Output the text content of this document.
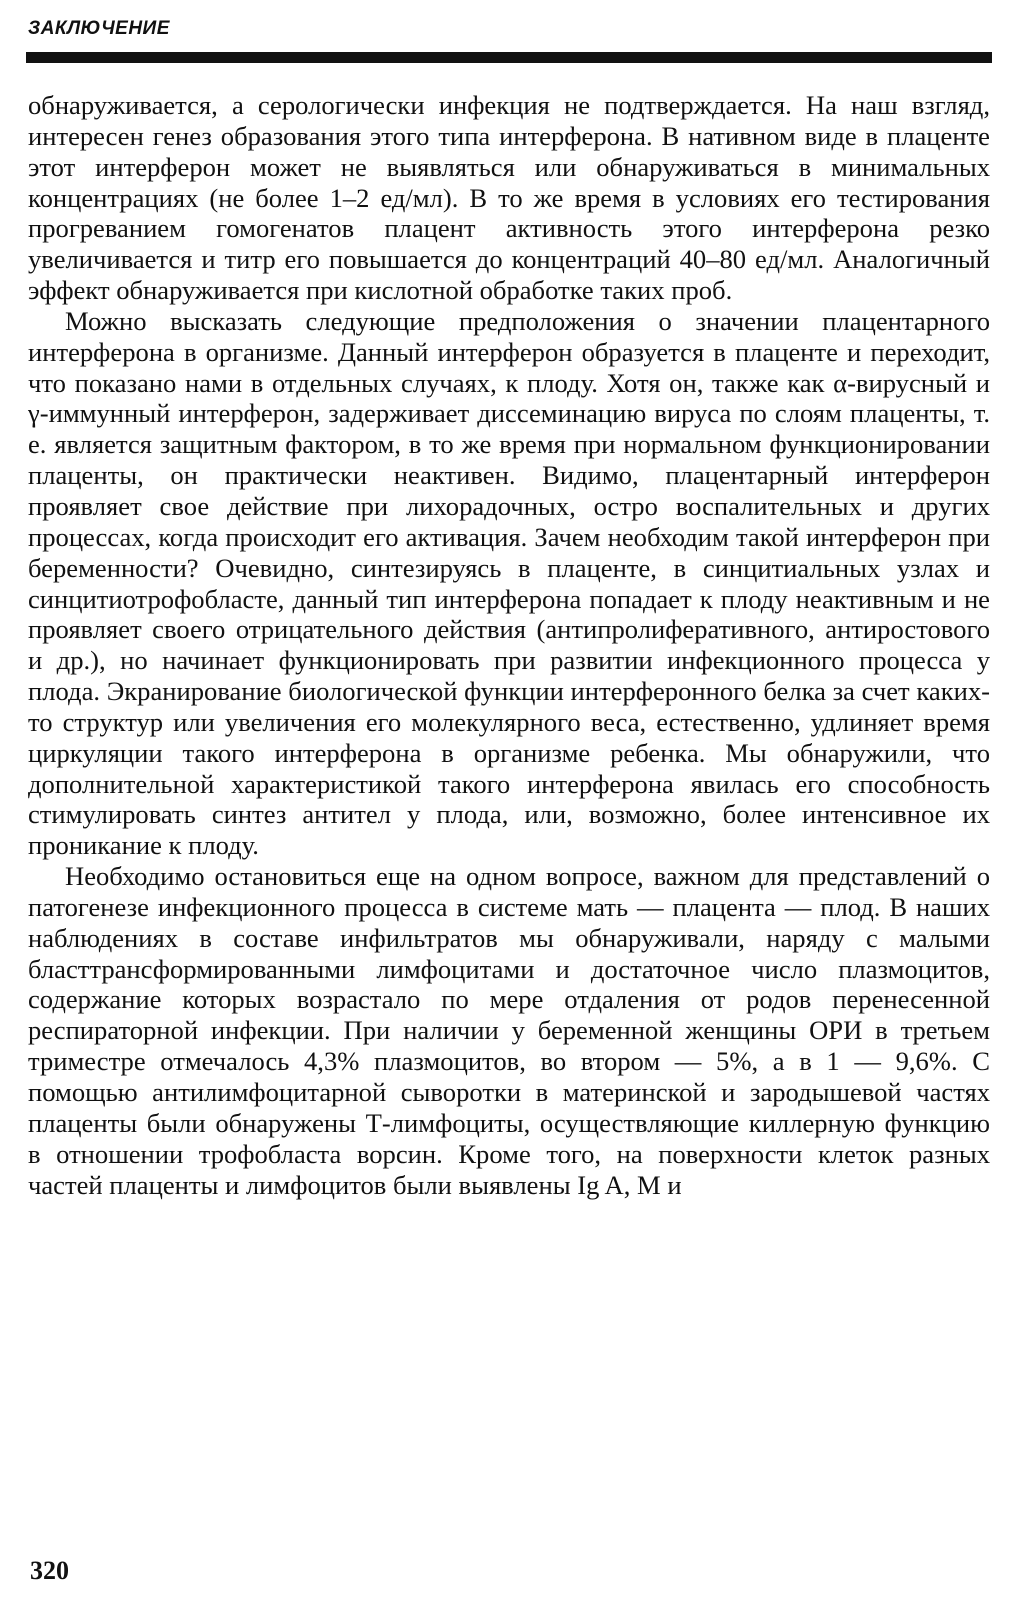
ЗАКЛЮЧЕНИЕ

обнаруживается, а серологически инфекция не подтверждается. На наш взгляд, интересен генез образования этого типа интерферона. В нативном виде в плаценте этот интерферон может не выявляться или обнаруживаться в минимальных концентрациях (не более 1–2 ед/мл). В то же время в условиях его тестирования прогреванием гомогенатов плацент активность этого интерферона резко увеличивается и титр его повышается до концентраций 40–80 ед/мл. Аналогичный эффект обнаруживается при кислотной обработке таких проб.

Можно высказать следующие предположения о значении плацентарного интерферона в организме. Данный интерферон образуется в плаценте и переходит, что показано нами в отдельных случаях, к плоду. Хотя он, также как α-вирусный и γ-иммунный интерферон, задерживает диссеминацию вируса по слоям плаценты, т. е. является защитным фактором, в то же время при нормальном функционировании плаценты, он практически неактивен. Видимо, плацентарный интерферон проявляет свое действие при лихорадочных, остро воспалительных и других процессах, когда происходит его активация. Зачем необходим такой интерферон при беременности? Очевидно, синтезируясь в плаценте, в синцитиальных узлах и синцитиотрофобласте, данный тип интерферона попадает к плоду неактивным и не проявляет своего отрицательного действия (антипролиферативного, антиростового и др.), но начинает функционировать при развитии инфекционного процесса у плода. Экранирование биологической функции интерферонного белка за счет каких-то структур или увеличения его молекулярного веса, естественно, удлиняет время циркуляции такого интерферона в организме ребенка. Мы обнаружили, что дополнительной характеристикой такого интерферона явилась его способность стимулировать синтез антител у плода, или, возможно, более интенсивное их проникание к плоду.

Необходимо остановиться еще на одном вопросе, важном для представлений о патогенезе инфекционного процесса в системе мать — плацента — плод. В наших наблюдениях в составе инфильтратов мы обнаруживали, наряду с малыми бласттрансформированными лимфоцитами и достаточное число плазмоцитов, содержание которых возрастало по мере отдаления от родов перенесенной респираторной инфекции. При наличии у беременной женщины ОРИ в третьем триместре отмечалось 4,3% плазмоцитов, во втором — 5%, а в 1 — 9,6%. С помощью антилимфоцитарной сыворотки в материнской и зародышевой частях плаценты были обнаружены Т-лимфоциты, осуществляющие киллерную функцию в отношении трофобласта ворсин. Кроме того, на поверхности клеток разных частей плаценты и лимфоцитов были выявлены Ig A, M и

320
